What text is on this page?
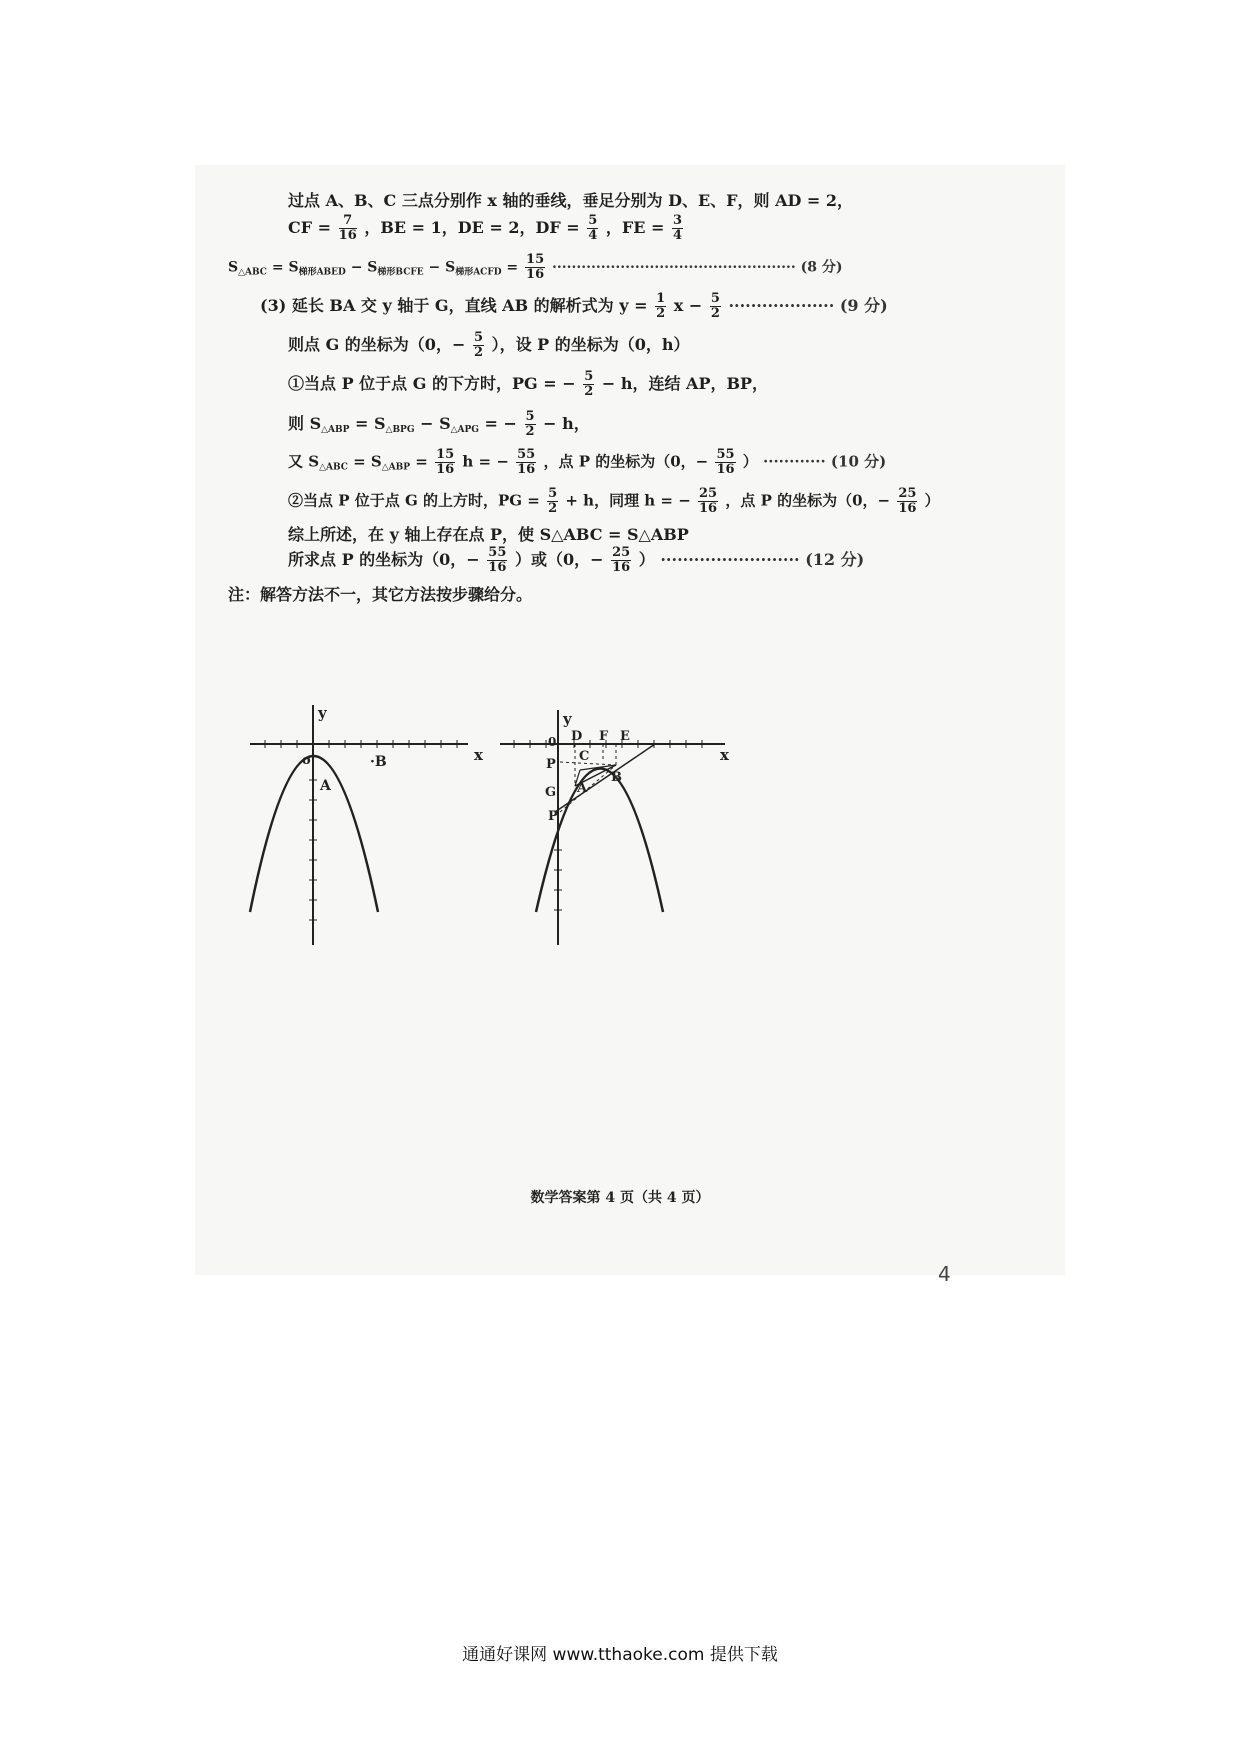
过点 A、B、C 三点分别作 x 轴的垂线，垂足分别为 D、E、F，则 AD = 2，
CF = $\frac{7}{16}$ ，BE = 1，DE = 2，DF = $\frac{5}{4}$ ，FE = $\frac{3}{4}$
$S_{\triangle ABC} = S_{梯形ABED} - S_{梯形BCFE} - S_{梯形ACFD} = \frac{15}{16}$ ·················································· (8 分)
(3) 延长 BA 交 y 轴于 G，直线 AB 的解析式为 $y = \frac{1}{2}$ $x - \frac{5}{2}$ ··················· (9 分)
则点 G 的坐标为（0，− $\frac{5}{2}$ ），设 P 的坐标为（0，h）
①当点 P 位于点 G 的下方时，PG = − $\frac{5}{2} - h$，连结 AP，BP，
则 $S_{\triangle ABP} = S_{\triangle BPG} - S_{\triangle APG}$ = − $\frac{5}{2} - h$，
又 $S_{\triangle ABC} = S_{\triangle ABP} = \frac{15}{16}$ h = − $\frac{55}{16}$ ，点 P 的坐标为（0，− $\frac{55}{16}$ ） ············ (10 分)
②当点 P 位于点 G 的上方时，PG = $\frac{5}{2} + h$，同理 h = − $\frac{25}{16}$ ，点 P 的坐标为（0，− $\frac{25}{16}$ ）
综上所述，在 y 轴上存在点 P，使 S△ABC = S△ABP
所求点 P 的坐标为（0，− $\frac{55}{16}$ ）或（0，− $\frac{25}{16}$ ） ························· (12 分)
注：解答方法不一，其它方法按步骤给分。
y
x
o	·B
A
y
x
0 D F E
C
P
B
G A
P
数学答案第 4 页（共 4 页）
4
通通好课网 www.tthaoke.com 提供下载
